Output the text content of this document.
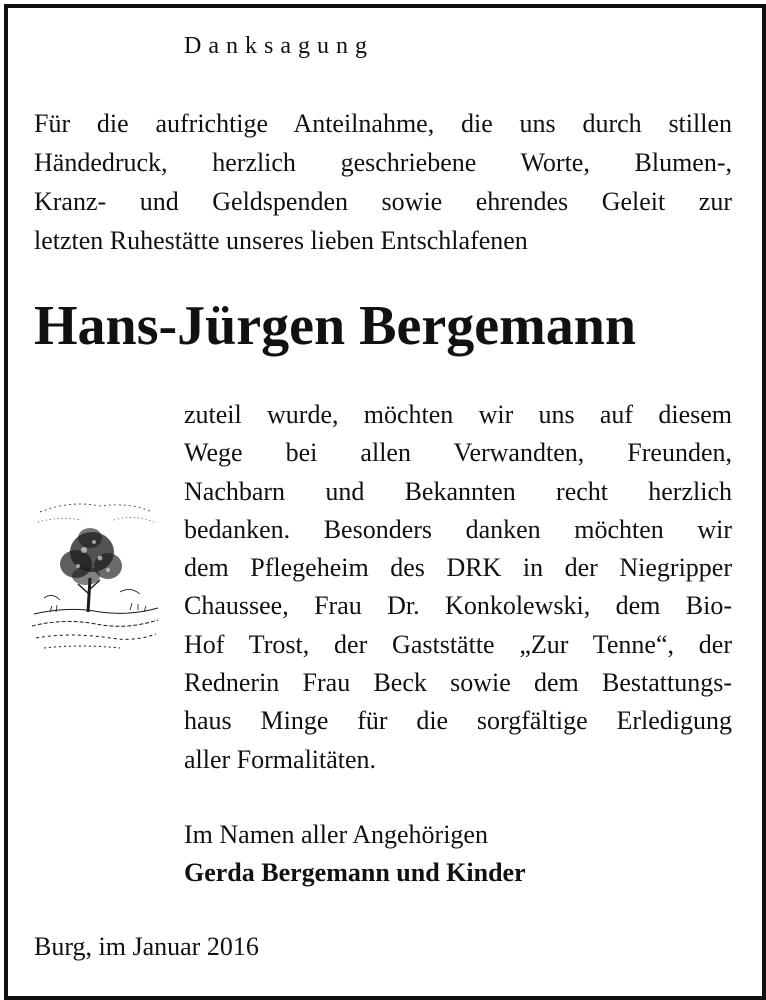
Danksagung
Für die aufrichtige Anteilnahme, die uns durch stillen
Händedruck, herzlich geschriebene Worte, Blumen-,
Kranz- und Geldspenden sowie ehrendes Geleit zur
letzten Ruhestätte unseres lieben Entschlafenen
Hans-Jürgen Bergemann
zuteil wurde, möchten wir uns auf diesem
Wege bei allen Verwandten, Freunden,
Nachbarn und Bekannten recht herzlich
bedanken. Besonders danken möchten wir
dem Pflegeheim des DRK in der Niegripper
Chaussee, Frau Dr. Konkolewski, dem Bio-
Hof Trost, der Gaststätte „Zur Tenne“, der
Rednerin Frau Beck sowie dem Bestattungs-
haus Minge für die sorgfältige Erledigung
aller Formalitäten.
Im Namen aller Angehörigen
Gerda Bergemann und Kinder
Burg, im Januar 2016
